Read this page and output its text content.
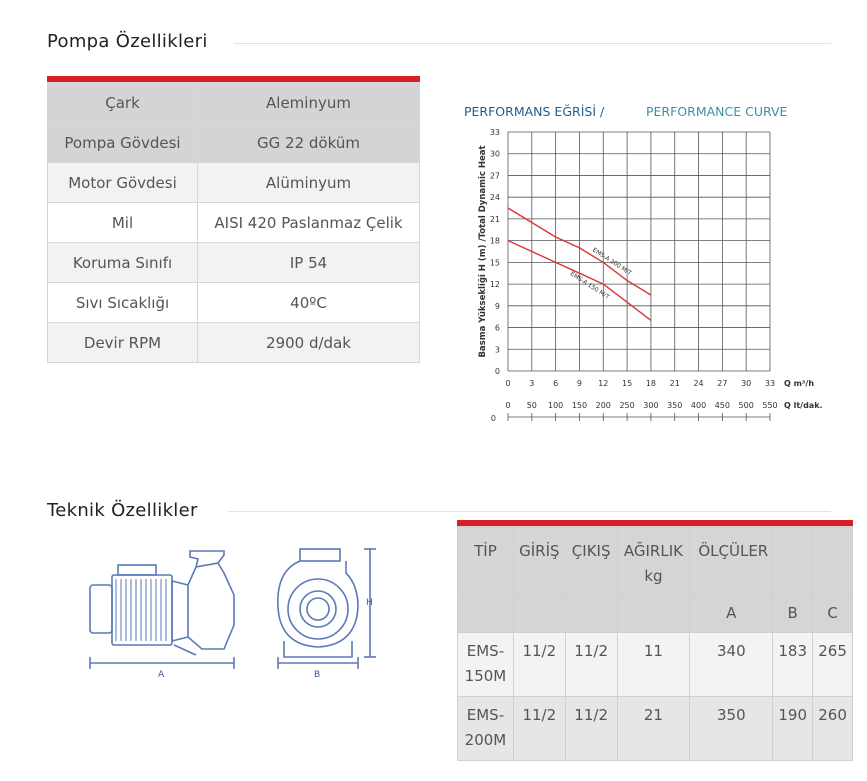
Pompa Özellikleri
Çark	Aleminyum
Pompa Gövdesi	GG 22 döküm
Motor Gövdesi	Alüminyum
Mil	AISI 420 Paslanmaz Çelik
Koruma Sınıfı	IP 54
Sıvı Sıcaklığı	40ºC
Devir RPM	2900 d/dak
PERFORMANS EĞRİSİ /	PERFORMANCE CURVE
0
3
6
9
12
15
18
21
24
27
30
33
0 3 6 9 12 15 18 21 24 27 30 33 Q m³/h
0 50 100 150 200 250 300 350 400 450 500 550
0
Q lt/dak.
Basma Yüksekliği H (m) /Total Dynamic Heat	EMS-A 200 M/T
EMS-A 150 M/T
Teknik Özellikler
A	B
H
TİP	GİRİŞ	ÇIKIŞ	AĞIRLIK kg	ÖLÇÜLER		
				A	B	C
EMS-150M	11/2	11/2	11	340	183	265
EMS-200M	11/2	11/2	21	350	190	260
